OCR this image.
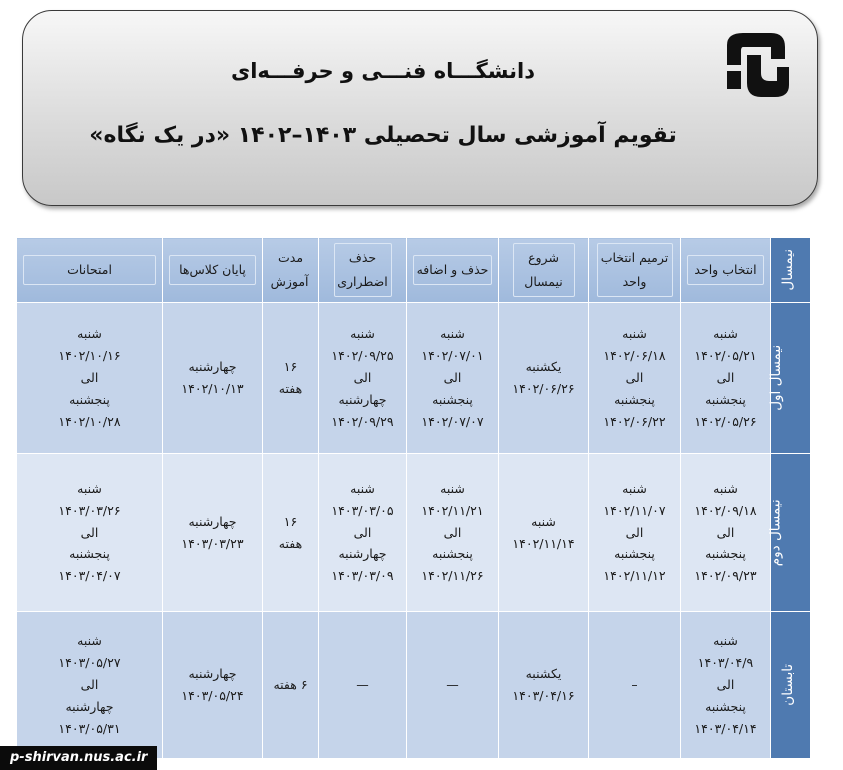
دانشگـــاه فنـــی و حرفـــه‌ای
تقویم آموزشی سال تحصیلی ۱۴۰۳–۱۴۰۲ «در یک نگاه»
نیمسال	انتخاب واحد	ترمیم انتخاب واحد	شروع نیمسال	حذف و اضافه	حذف اضطراری	مدت آموزش	پایان کلاس‌ها	امتحانات

نیمسال اول	شنبه
۱۴۰۲/۰۵/۲۱
الی
پنجشنبه
۱۴۰۲/۰۵/۲۶	شنبه
۱۴۰۲/۰۶/۱۸
الی
پنجشنبه
۱۴۰۲/۰۶/۲۲	یکشنبه
۱۴۰۲/۰۶/۲۶	شنبه
۱۴۰۲/۰۷/۰۱
الی
پنجشنبه
۱۴۰۲/۰۷/۰۷	شنبه
۱۴۰۲/۰۹/۲۵
الی
چهارشنبه
۱۴۰۲/۰۹/۲۹	۱۶
هفته	چهارشنبه
۱۴۰۲/۱۰/۱۳	شنبه
۱۴۰۲/۱۰/۱۶
الی
پنجشنبه
۱۴۰۲/۱۰/۲۸

نیمسال دوم	شنبه
۱۴۰۲/۰۹/۱۸
الی
پنجشنبه
۱۴۰۲/۰۹/۲۳	شنبه
۱۴۰۲/۱۱/۰۷
الی
پنجشنبه
۱۴۰۲/۱۱/۱۲	شنبه
۱۴۰۲/۱۱/۱۴	شنبه
۱۴۰۲/۱۱/۲۱
الی
پنجشنبه
۱۴۰۲/۱۱/۲۶	شنبه
۱۴۰۳/۰۳/۰۵
الی
چهارشنبه
۱۴۰۳/۰۳/۰۹	۱۶
هفته	چهارشنبه
۱۴۰۳/۰۳/۲۳	شنبه
۱۴۰۳/۰۳/۲۶
الی
پنجشنبه
۱۴۰۳/۰۴/۰۷

تابستان	شنبه
۱۴۰۳/۰۴/۹
الی
پنجشنبه
۱۴۰۳/۰۴/۱۴	–	یکشنبه
۱۴۰۳/۰۴/۱۶	—	—	۶ هفته	چهارشنبه
۱۴۰۳/۰۵/۲۴	شنبه
۱۴۰۳/۰۵/۲۷
الی
چهارشنبه
۱۴۰۳/۰۵/۳۱
p-shirvan.nus.ac.ir
